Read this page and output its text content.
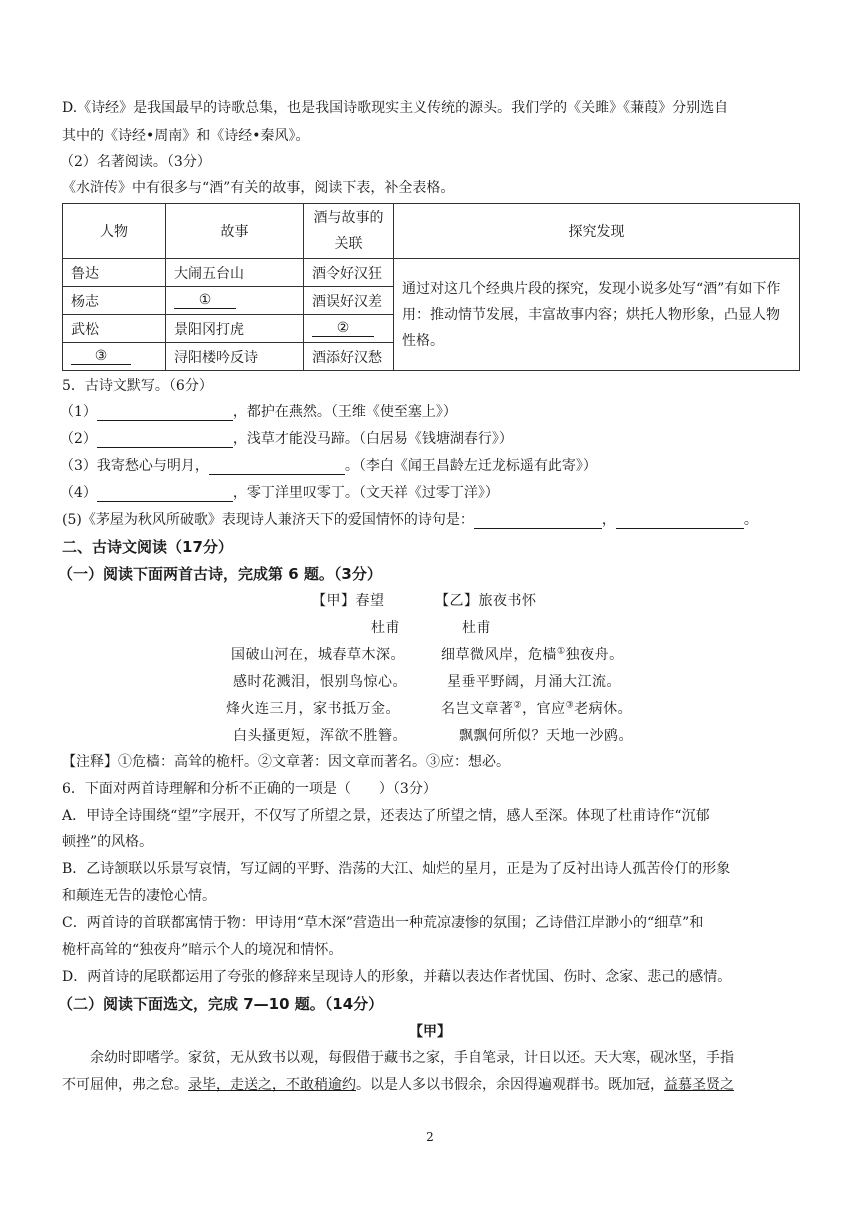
D.《诗经》是我国最早的诗歌总集，也是我国诗歌现实主义传统的源头。我们学的《关雎》《蒹葭》分别选自
其中的《诗经•周南》和《诗经•秦风》。
（2）名著阅读。（3分）
《水浒传》中有很多与“酒”有关的故事，阅读下表，补全表格。
人物	故事	酒与故事的
关联	探究发现
鲁达	大闹五台山	酒令好汉狂	通过对这几个经典片段的探究，发现小说多处写“酒”有如下作用：推动情节发展，丰富故事内容；烘托人物形象，凸显人物性格。
杨志	①	酒误好汉差	
武松	景阳冈打虎	②	
③	浔阳楼吟反诗	酒添好汉愁	
5．古诗文默写。（6分）
（1）	，都护在燕然。（王维《使至塞上》）
（2）	，浅草才能没马蹄。（白居易《钱塘湖春行》）
（3）我寄愁心与明月，	。（李白《闻王昌龄左迁龙标遥有此寄》）
（4）	，零丁洋里叹零丁。（文天祥《过零丁洋》）
(5)《茅屋为秋风所破歌》表现诗人兼济天下的爱国情怀的诗句是：	，	。
二、古诗文阅读（17分）
（一）阅读下面两首古诗，完成第 6 题。（3分）
【甲】春望	【乙】旅夜书怀
杜甫	杜甫
国破山河在，城春草木深。
感时花溅泪，恨别鸟惊心。
烽火连三月，家书抵万金。
白头搔更短，浑欲不胜簪。
细草微风岸，危樯①独夜舟。
星垂平野阔，月涌大江流。
名岂文章著②，官应③老病休。
飘飘何所似？天地一沙鸥。
【注释】①危樯：高耸的桅杆。②文章著：因文章而著名。③应：想必。
6．下面对两首诗理解和分析不正确的一项是（　　）（3分）
A．甲诗全诗围绕“望”字展开，不仅写了所望之景，还表达了所望之情，感人至深。体现了杜甫诗作“沉郁
顿挫”的风格。
B．乙诗颔联以乐景写哀情，写辽阔的平野、浩荡的大江、灿烂的星月，正是为了反衬出诗人孤苦伶仃的形象
和颠连无告的凄怆心情。
C．两首诗的首联都寓情于物：甲诗用“草木深”营造出一种荒凉凄惨的氛围；乙诗借江岸渺小的“细草”和
桅杆高耸的“独夜舟”暗示个人的境况和情怀。
D．两首诗的尾联都运用了夸张的修辞来呈现诗人的形象，并藉以表达作者忧国、伤时、念家、悲己的感情。
（二）阅读下面选文，完成 7—10 题。（14分）
【甲】
余幼时即嗜学。家贫，无从致书以观，每假借于藏书之家，手自笔录，计日以还。天大寒，砚冰坚，手指
不可屈伸，弗之怠。录毕，走送之，不敢稍逾约。以是人多以书假余，余因得遍观群书。既加冠，益慕圣贤之
2
